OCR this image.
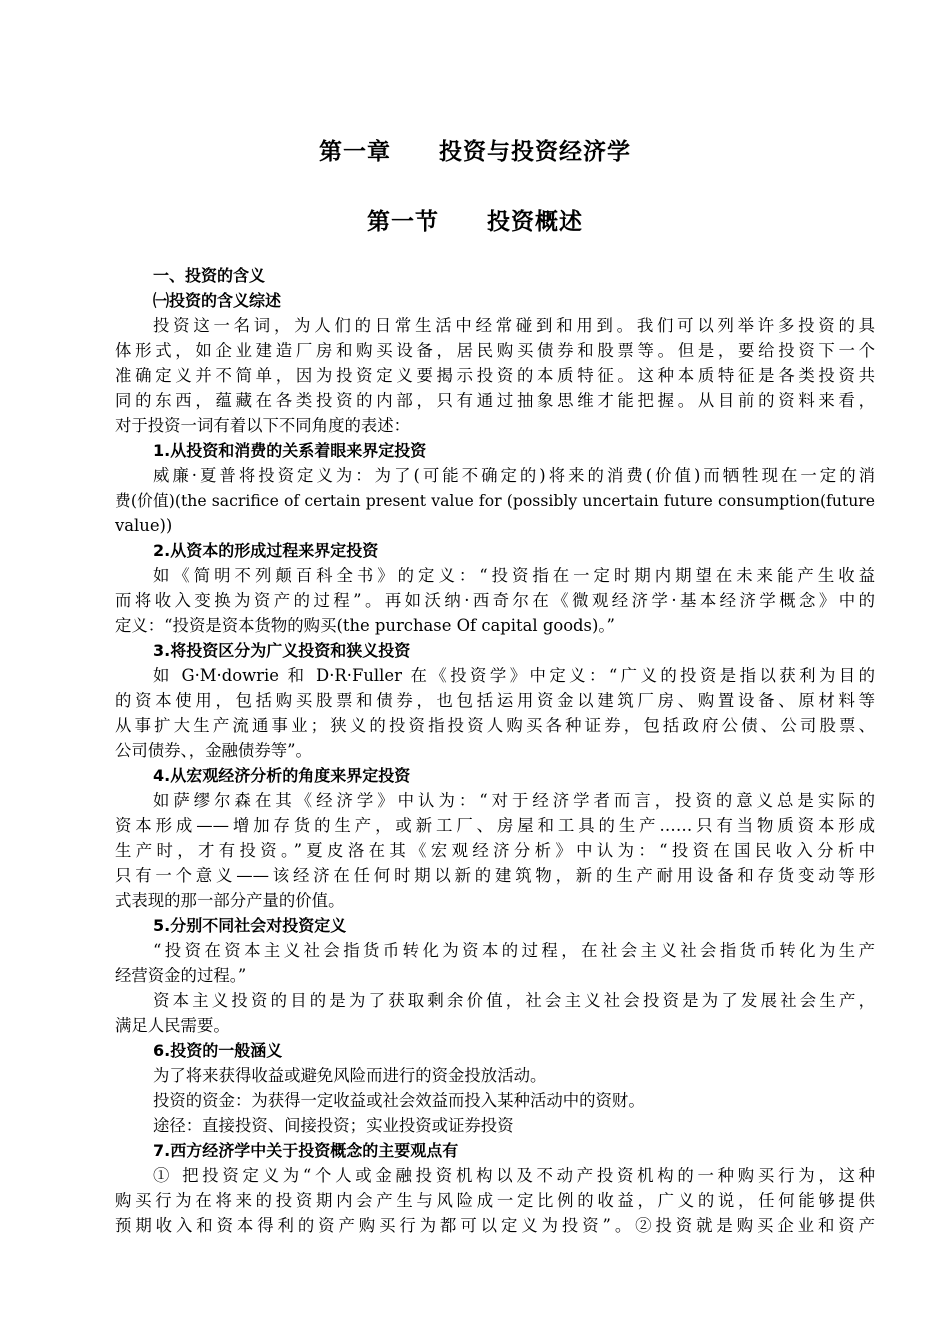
第一章　　投资与投资经济学
第一节　　投资概述
一、投资的含义
㈠投资的含义综述
投资这一名词，为人们的日常生活中经常碰到和用到。我们可以列举许多投资的具
体形式，如企业建造厂房和购买设备，居民购买债券和股票等。但是，要给投资下一个
准确定义并不简单，因为投资定义要揭示投资的本质特征。这种本质特征是各类投资共
同的东西，蕴藏在各类投资的内部，只有通过抽象思维才能把握。从目前的资料来看，
对于投资一词有着以下不同角度的表述：
1.从投资和消费的关系着眼来界定投资
威廉·夏普将投资定义为：为了(可能不确定的)将来的消费(价值)而牺牲现在一定的消
费(价值)(the sacrifice of certain present value for (possibly uncertain future consumption(future
value))
2.从资本的形成过程来界定投资
如《简明不列颠百科全书》的定义：“投资指在一定时期内期望在未来能产生收益
而将收入变换为资产的过程”。再如沃纳·西奇尔在《微观经济学·基本经济学概念》中的
定义：“投资是资本货物的购买(the purchase Of capital goods)。”
3.将投资区分为广义投资和狭义投资
如 G·M·dowrie 和 D·R·Fuller 在《投资学》中定义：“广义的投资是指以获利为目的
的资本使用，包括购买股票和债券，也包括运用资金以建筑厂房、购置设备、原材料等
从事扩大生产流通事业；狭义的投资指投资人购买各种证券，包括政府公债、公司股票、
公司债券、，金融债券等”。
4.从宏观经济分析的角度来界定投资
如萨缪尔森在其《经济学》中认为：“对于经济学者而言，投资的意义总是实际的
资本形成——增加存货的生产，或新工厂、房屋和工具的生产……只有当物质资本形成
生产时，才有投资。”夏皮洛在其《宏观经济分析》中认为：“投资在国民收入分析中
只有一个意义——该经济在任何时期以新的建筑物，新的生产耐用设备和存货变动等形
式表现的那一部分产量的价值。
5.分别不同社会对投资定义
“投资在资本主义社会指货币转化为资本的过程，在社会主义社会指货币转化为生产
经营资金的过程。”
资本主义投资的目的是为了获取剩余价值，社会主义社会投资是为了发展社会生产，
满足人民需要。
6.投资的一般涵义
为了将来获得收益或避免风险而进行的资金投放活动。
投资的资金：为获得一定收益或社会效益而投入某种活动中的资财。
途径：直接投资、间接投资；实业投资或证券投资
7.西方经济学中关于投资概念的主要观点有
① 把投资定义为“个人或金融投资机构以及不动产投资机构的一种购买行为，这种
购买行为在将来的投资期内会产生与风险成一定比例的收益，广义的说，任何能够提供
预期收入和资本得利的资产购买行为都可以定义为投资”。②投资就是购买企业和资产
